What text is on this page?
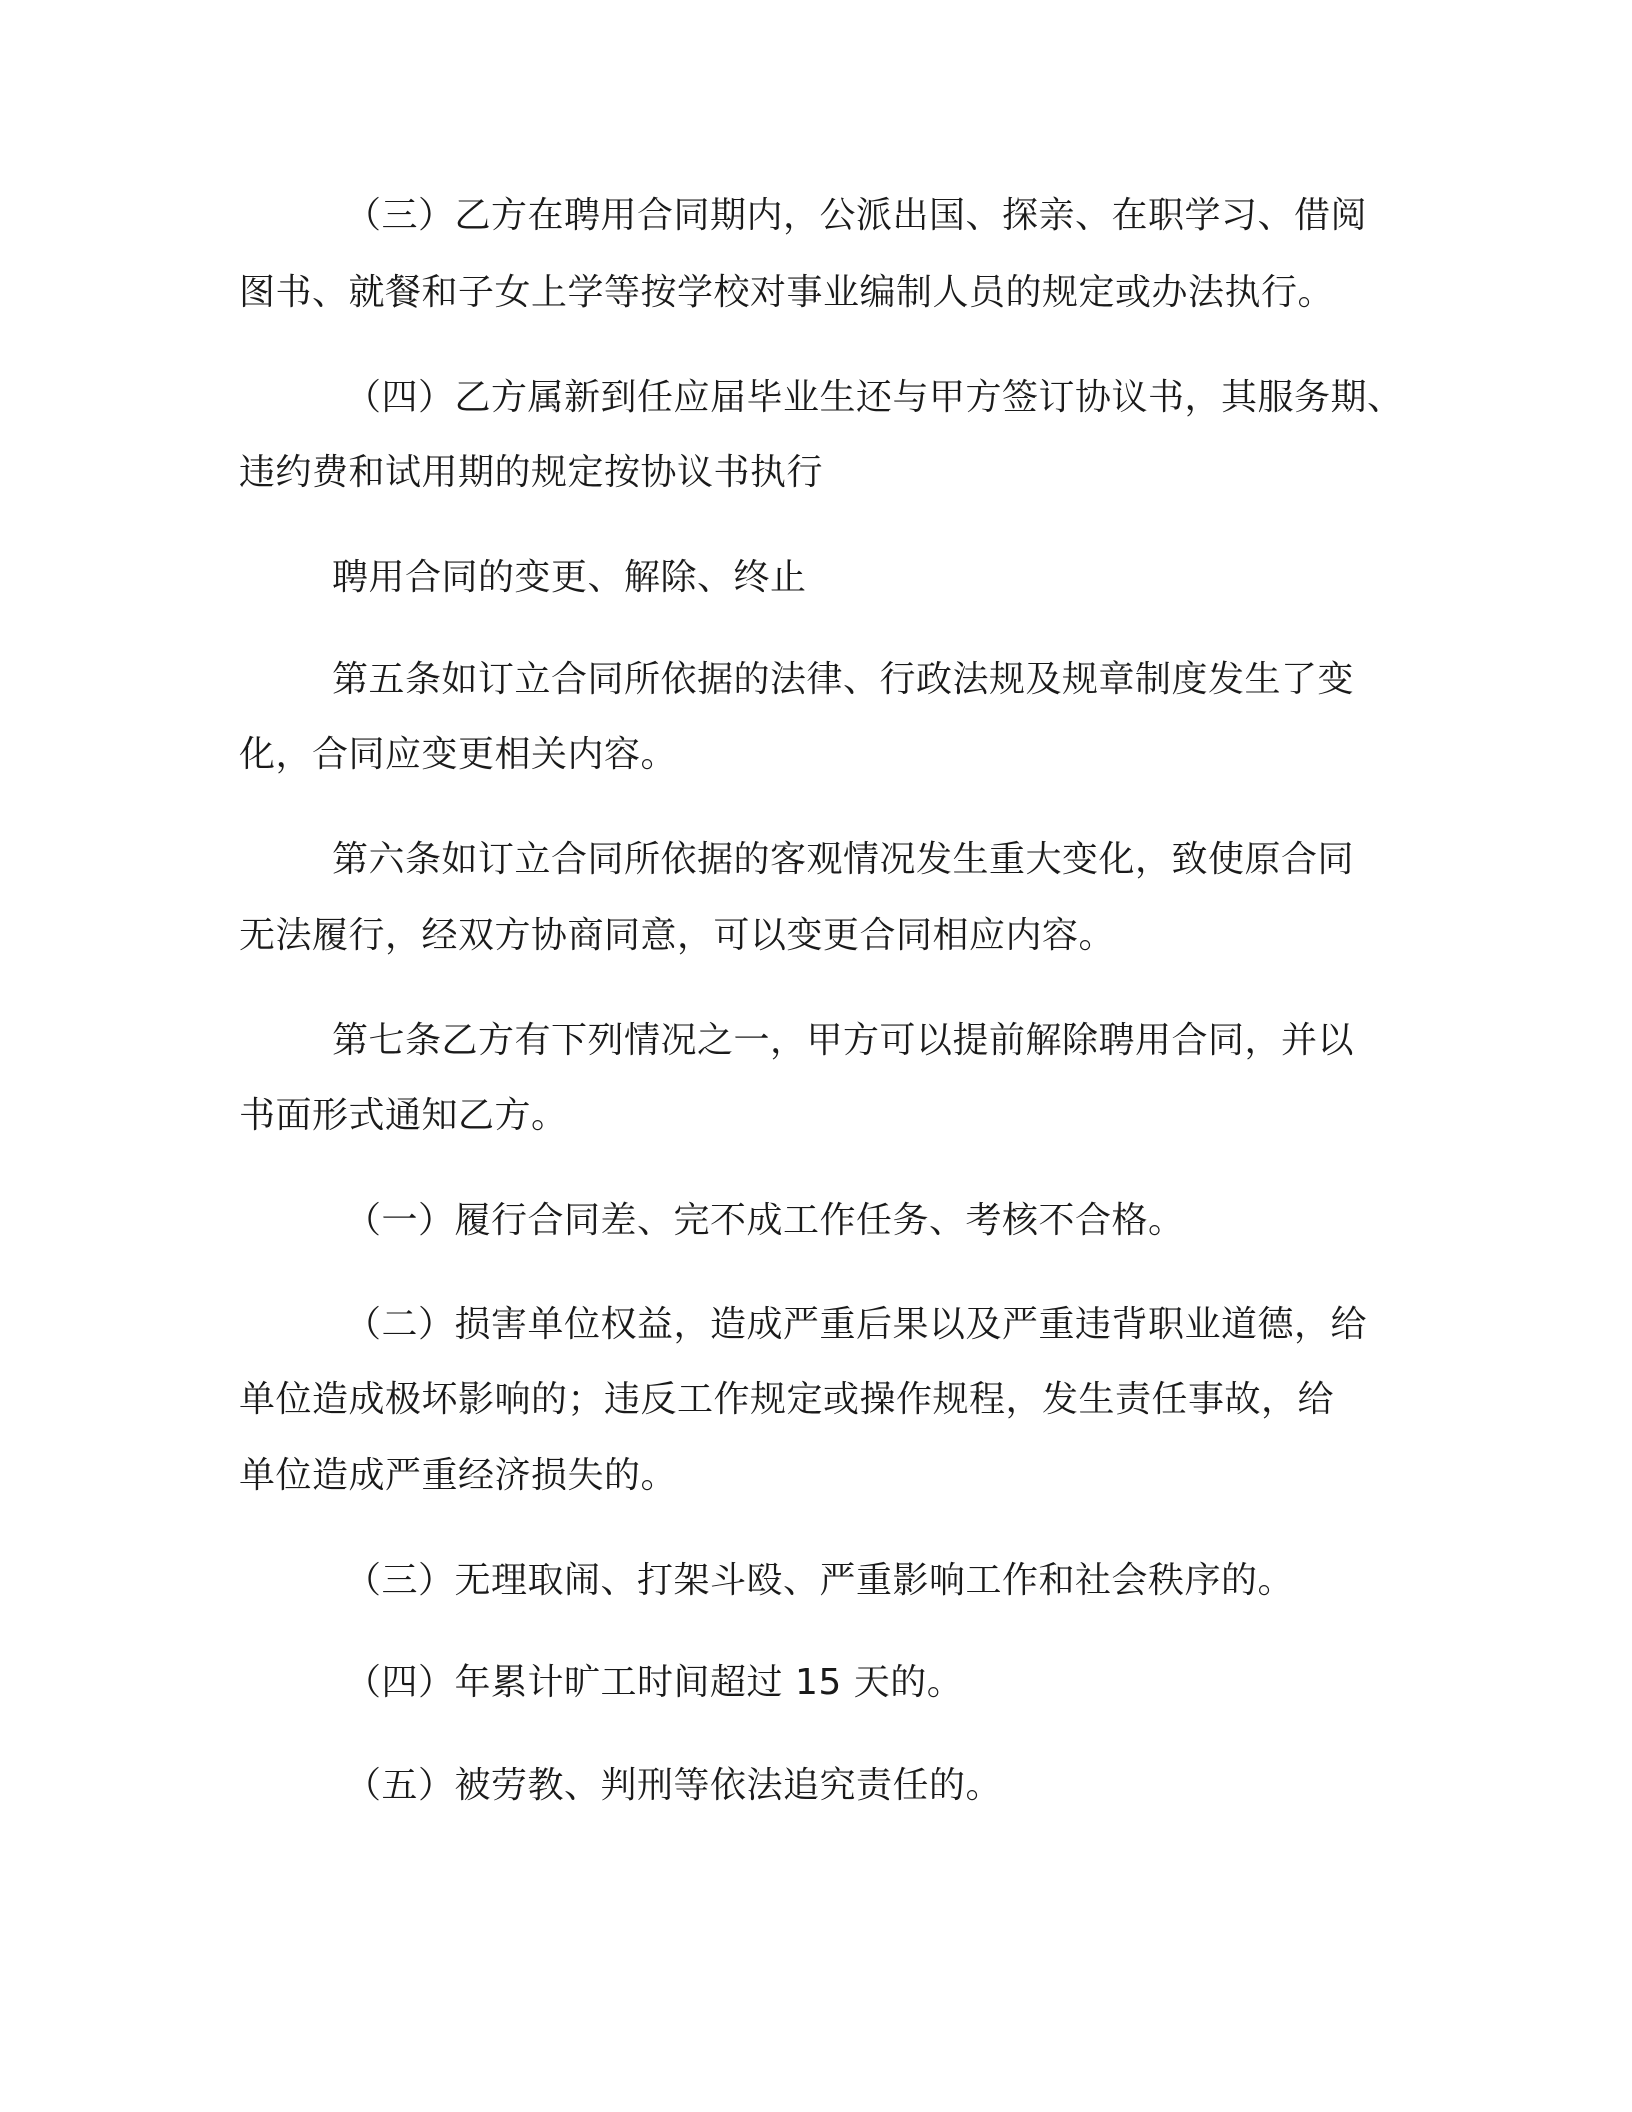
（三）乙方在聘用合同期内，公派出国、探亲、在职学习、借阅

图书、就餐和子女上学等按学校对事业编制人员的规定或办法执行。

（四）乙方属新到任应届毕业生还与甲方签订协议书，其服务期、

违约费和试用期的规定按协议书执行

聘用合同的变更、解除、终止

第五条如订立合同所依据的法律、行政法规及规章制度发生了变

化，合同应变更相关内容。

第六条如订立合同所依据的客观情况发生重大变化，致使原合同

无法履行，经双方协商同意，可以变更合同相应内容。

第七条乙方有下列情况之一，甲方可以提前解除聘用合同，并以

书面形式通知乙方。

（一）履行合同差、完不成工作任务、考核不合格。

（二）损害单位权益，造成严重后果以及严重违背职业道德，给

单位造成极坏影响的；违反工作规定或操作规程，发生责任事故，给

单位造成严重经济损失的。

（三）无理取闹、打架斗殴、严重影响工作和社会秩序的。

（四）年累计旷工时间超过 15 天的。

（五）被劳教、判刑等依法追究责任的。
